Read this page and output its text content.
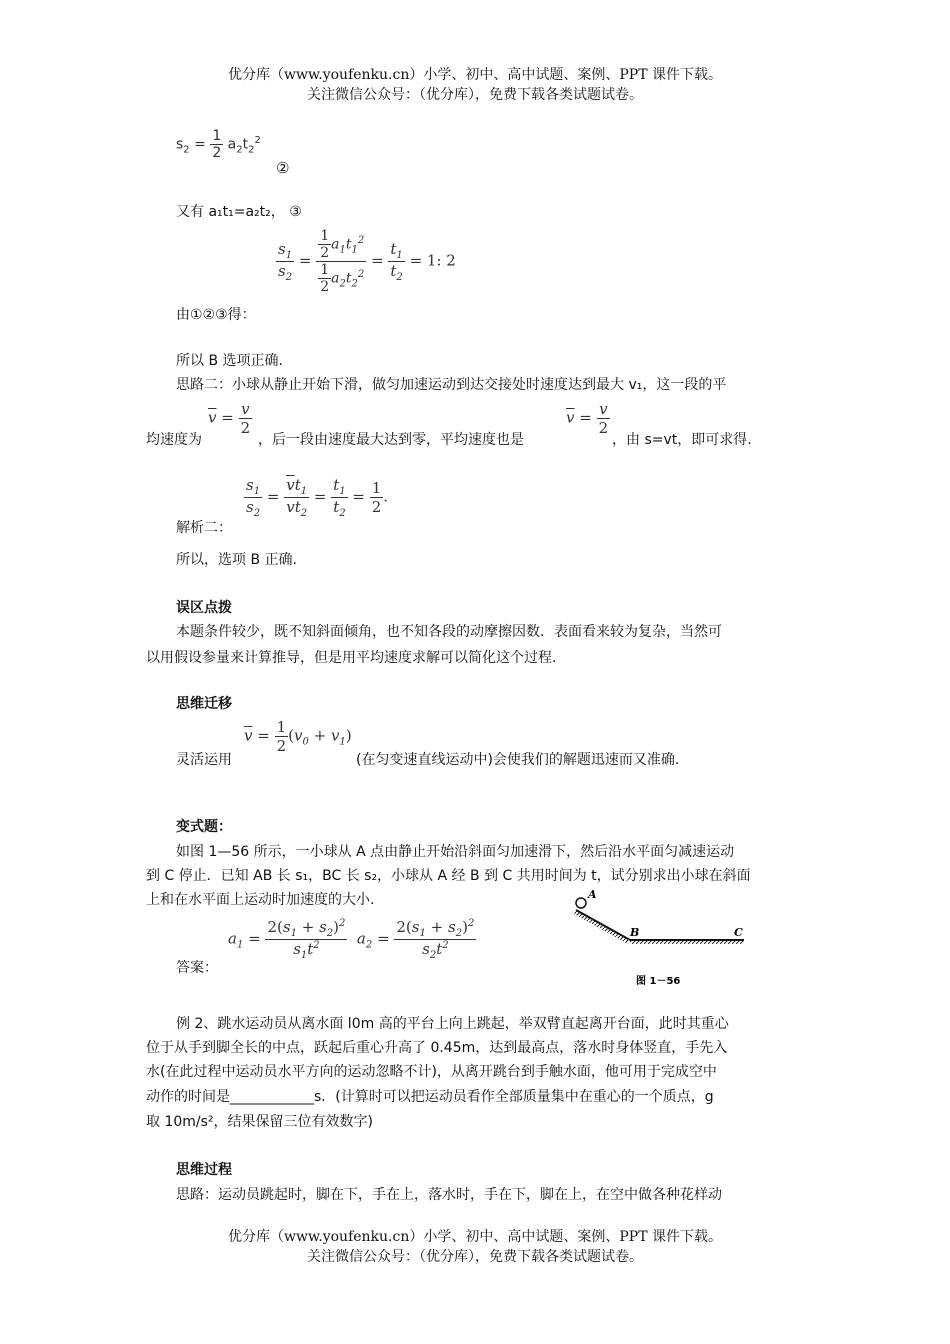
优分库（www.youfenku.cn）小学、初中、高中试题、案例、PPT 课件下载。
关注微信公众号：（优分库），免费下载各类试题试卷。
$s_2 = \frac{1}{2} a_2t_2^2$
②
又有 a₁t₁=a₂t₂， ③
$\frac{s_1}{s_2} = \frac{\frac{1}{2} a_1t_1^2}{\frac{1}{2} a_2t_2^2} = \frac{t_1}{t_2} = 1$: 2
由①②③得：
所以 B 选项正确.
思路二：小球从静止开始下滑，做匀加速运动到达交接处时速度达到最大 v₁，这一段的平
$\overline{v} = \frac{v}{2}$
均速度为	，后一段由速度最大达到零，平均速度也是
$\overline{v} = \frac{v}{2}$
，由 s=vt，即可求得.
$\frac{s_1}{s_2} = \frac{\overline{v}t_1}{\overline{v}t_2} = \frac{t_1}{t_2} = \frac{1}{2}$ .
解析二：
所以，选项 B 正确.
误区点拨
本题条件较少，既不知斜面倾角，也不知各段的动摩擦因数．表面看来较为复杂，当然可
以用假设参量来计算推导，但是用平均速度求解可以简化这个过程.
思维迁移
$\overline{v} = \frac{1}{2} (v_0 + v_1)$
灵活运用	(在匀变速直线运动中)会使我们的解题迅速而又准确.
变式题：
如图 1—56 所示，一小球从 A 点由静止开始沿斜面匀加速滑下，然后沿水平面匀减速运动
到 C 停止．已知 AB 长 s₁，BC 长 s₂，小球从 A 经 B 到 C 共用时间为 t，试分别求出小球在斜面
上和在水平面上运动时加速度的大小.
$a_1 = \frac{2(s_1 + s_2)^2}{s_1t^2} a_2 = \frac{2(s_1 + s_2)^2}{s_2t^2}$
答案：
A
B	C
图 1－56
例 2、跳水运动员从离水面 l0m 高的平台上向上跳起，举双臂直起离开台面，此时其重心
位于从手到脚全长的中点，跃起后重心升高了 0.45m，达到最高点，落水时身体竖直，手先入
水(在此过程中运动员水平方向的运动忽略不计)，从离开跳台到手触水面，他可用于完成空中
动作的时间是____________s．(计算时可以把运动员看作全部质量集中在重心的一个质点，g
取 10m/s²，结果保留三位有效数字)
思维过程
思路：运动员跳起时，脚在下，手在上，落水时，手在下，脚在上，在空中做各种花样动
优分库（www.youfenku.cn）小学、初中、高中试题、案例、PPT 课件下载。
关注微信公众号：（优分库），免费下载各类试题试卷。
